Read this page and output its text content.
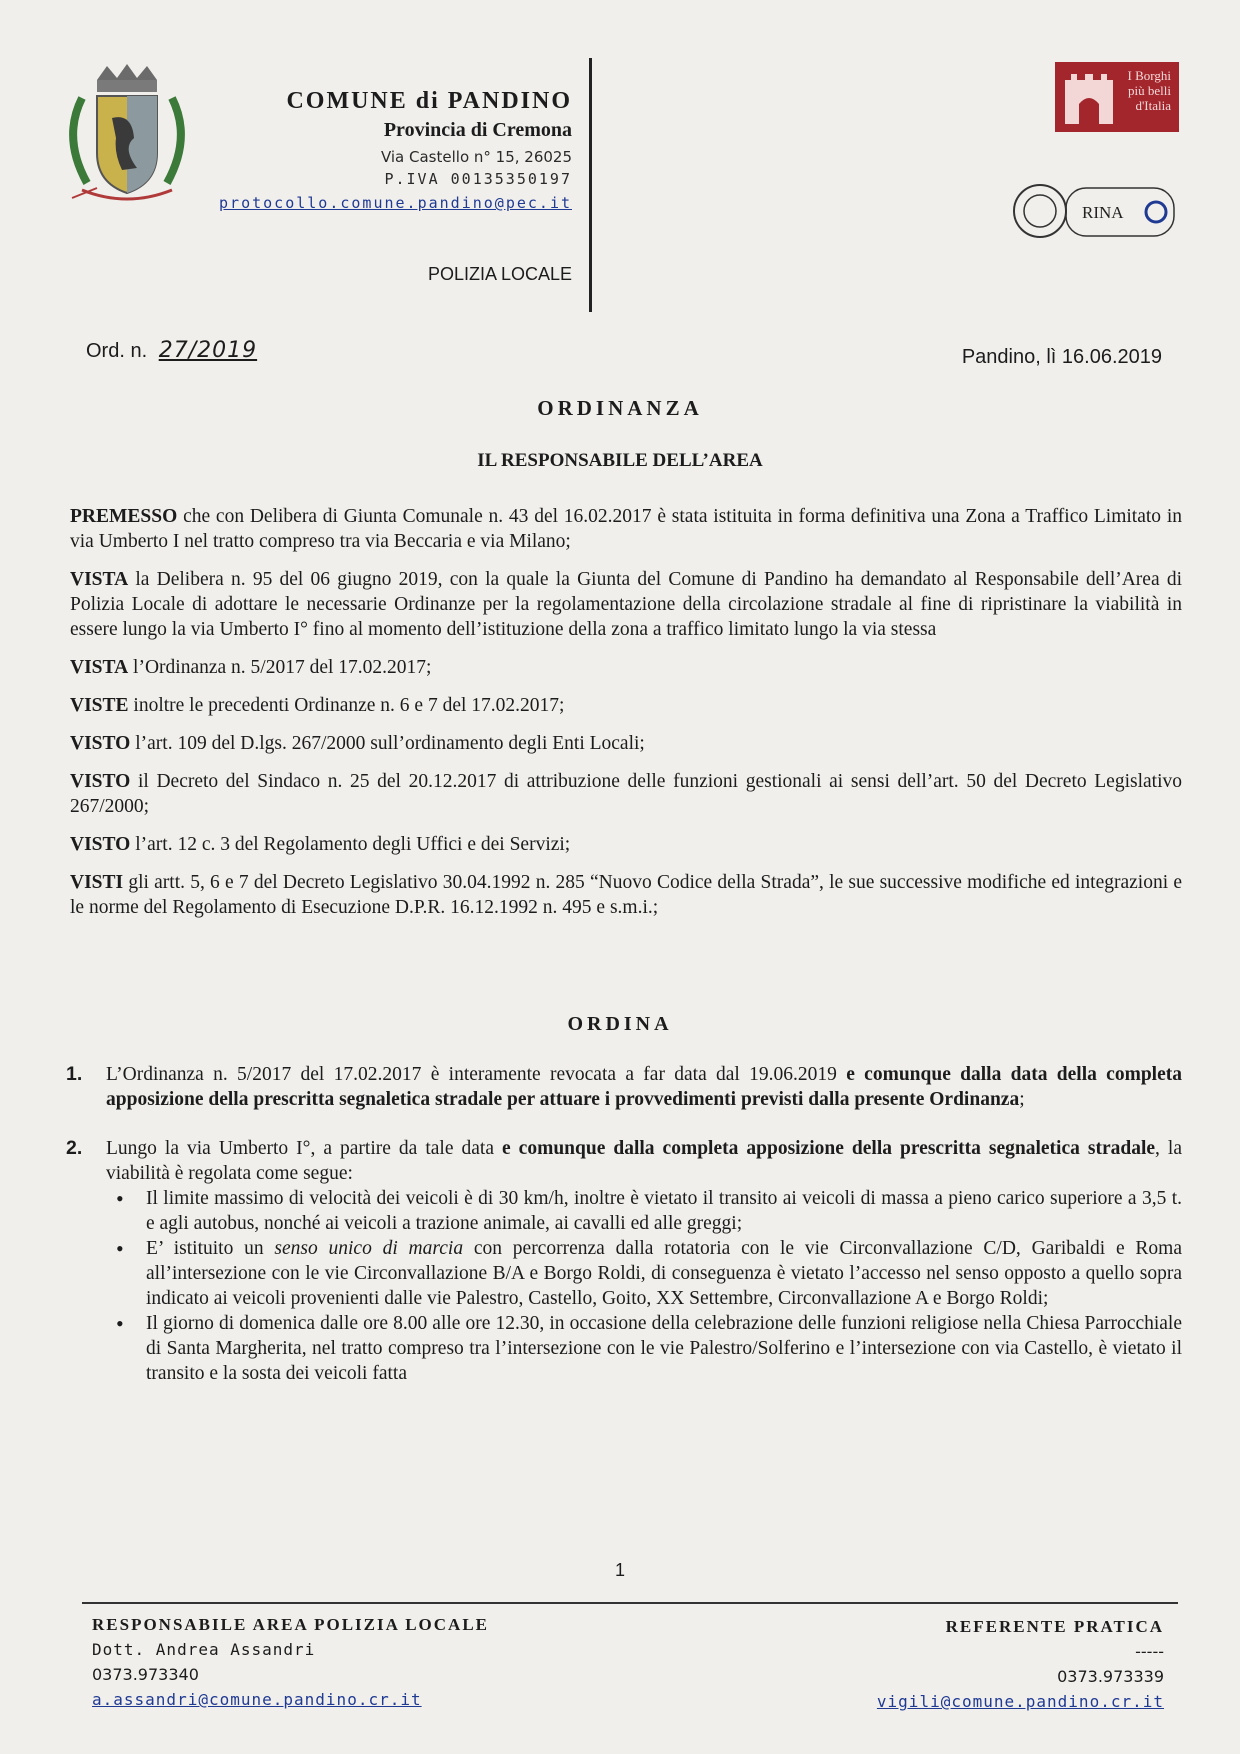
COMUNE di PANDINO
Provincia di Cremona
Via Castello n° 15, 26025
P.IVA 00135350197
protocollo.comune.pandino@pec.it
POLIZIA LOCALE
I Borghi
più belli
d'Italia
RINA
Ord. n. 27/2019	Pandino, lì 16.06.2019
ORDINANZA
IL RESPONSABILE DELL’AREA

PREMESSO che con Delibera di Giunta Comunale n. 43 del 16.02.2017 è stata istituita in forma definitiva una Zona a Traffico Limitato in via Umberto I nel tratto compreso tra via Beccaria e via Milano;

VISTA la Delibera n. 95 del 06 giugno 2019, con la quale la Giunta del Comune di Pandino ha demandato al Responsabile dell’Area di Polizia Locale di adottare le necessarie Ordinanze per la regolamentazione della circolazione stradale al fine di ripristinare la viabilità in essere lungo la via Umberto I° fino al momento dell’istituzione della zona a traffico limitato lungo la via stessa

VISTA l’Ordinanza n. 5/2017 del 17.02.2017;

VISTE inoltre le precedenti Ordinanze n. 6 e 7 del 17.02.2017;

VISTO l’art. 109 del D.lgs. 267/2000 sull’ordinamento degli Enti Locali;

VISTO il Decreto del Sindaco n. 25 del 20.12.2017 di attribuzione delle funzioni gestionali ai sensi dell’art. 50 del Decreto Legislativo 267/2000;

VISTO l’art. 12 c. 3 del Regolamento degli Uffici e dei Servizi;

VISTI gli artt. 5, 6 e 7 del Decreto Legislativo 30.04.1992 n. 285 “Nuovo Codice della Strada”, le sue successive modifiche ed integrazioni e le norme del Regolamento di Esecuzione D.P.R. 16.12.1992 n. 495 e s.m.i.;

ORDINA
1. L’Ordinanza n. 5/2017 del 17.02.2017 è interamente revocata a far data dal 19.06.2019 e comunque dalla data della completa apposizione della prescritta segnaletica stradale per attuare i provvedimenti previsti dalla presente Ordinanza;
2. Lungo la via Umberto I°, a partire da tale data e comunque dalla completa apposizione della prescritta segnaletica stradale, la viabilità è regolata come segue:

• Il limite massimo di velocità dei veicoli è di 30 km/h, inoltre è vietato il transito ai veicoli di massa a pieno carico superiore a 3,5 t. e agli autobus, nonché ai veicoli a trazione animale, ai cavalli ed alle greggi;

• E’ istituito un senso unico di marcia con percorrenza dalla rotatoria con le vie Circonvallazione C/D, Garibaldi e Roma all’intersezione con le vie Circonvallazione B/A e Borgo Roldi, di conseguenza è vietato l’accesso nel senso opposto a quello sopra indicato ai veicoli provenienti dalle vie Palestro, Castello, Goito, XX Settembre, Circonvallazione A e Borgo Roldi;

• Il giorno di domenica dalle ore 8.00 alle ore 12.30, in occasione della celebrazione delle funzioni religiose nella Chiesa Parrocchiale di Santa Margherita, nel tratto compreso tra l’intersezione con le vie Palestro/Solferino e l’intersezione con via Castello, è vietato il transito e la sosta dei veicoli fatta

1
RESPONSABILE AREA POLIZIA LOCALE
Dott. Andrea Assandri
0373.973340
a.assandri@comune.pandino.cr.it
REFERENTE PRATICA
-----
0373.973339
vigili@comune.pandino.cr.it
